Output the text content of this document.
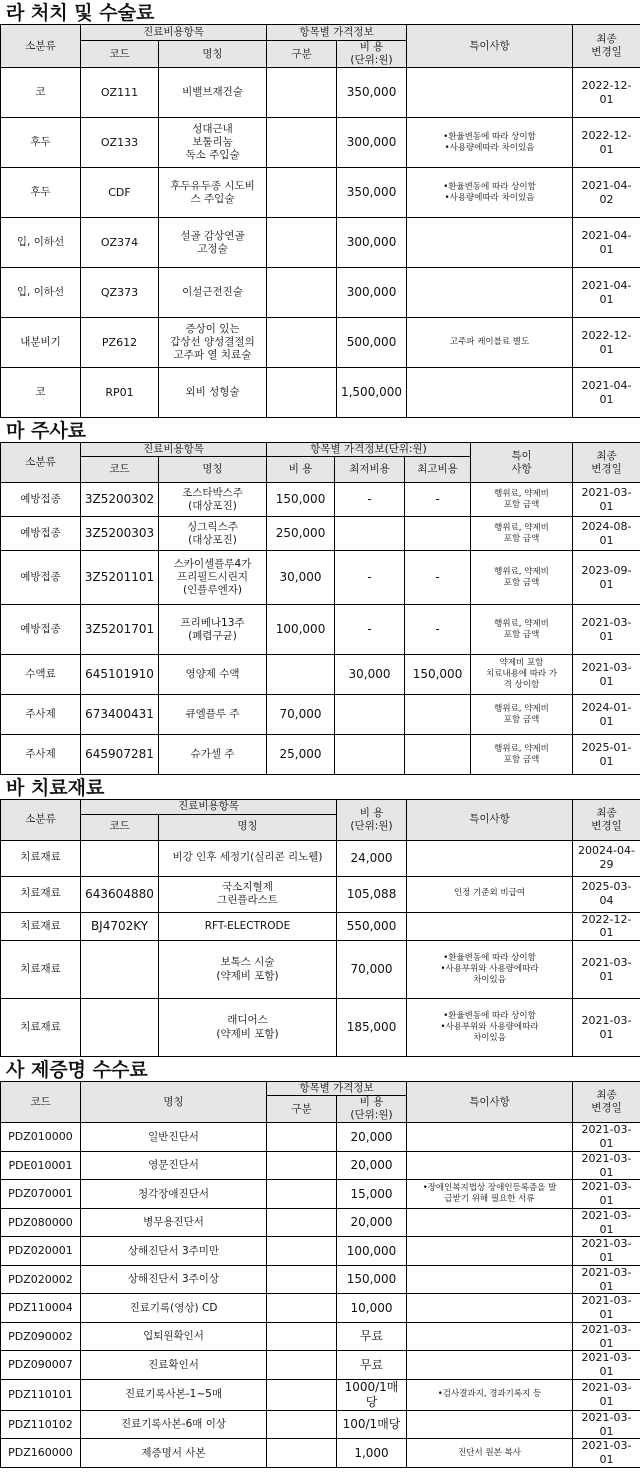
라 처치 및 수술료
소분류	진료비용항목		항목별 가격정보		특이사항	최종
변경일
	코드	명칭	구분	비 용
(단위:원)		
코	OZ111	비밸브재건술		350,000		2022-12-01
후두	OZ133	성대근내
보툴리눔
독소 주입술		300,000	•환율변동에 따라 상이함
•사용량에따라 차이있음	2022-12-01
후두	CDF	후두유두종 시도비
스 주입술		350,000	•환율변동에 따라 상이함
•사용량에따라 차이있음	2021-04-02
입, 이하선	OZ374	설골 감상연골
고정술		300,000		2021-04-01
입, 이하선	QZ373	이설근전진술		300,000		2021-04-01
내분비기	PZ612	증상이 있는
갑상선 양성결절의
고주파 열 치료술		500,000	고주파 케이블료 별도	2022-12-01
코	RP01	외비 성형술		1,500,000		2021-04-01
마 주사료
소분류	진료비용항목		항목별 가격정보(단위:원)			특이
사항	최종
변경일
	코드	명칭	비 용	최저비용	최고비용		
예방접종	3Z5200302	조스타박스주
(대상포진)	150,000	-	-	행위료, 약제비
포함 금액	2021-03-01
예방접종	3Z5200303	싱그릭스주
(대상포진)	250,000			행위료, 약제비
포함 금액	2024-08-01
예방접종	3Z5201101	스카이셀플루4가
프리필드시린지
(인플루엔자)	30,000	-	-	행위료, 약제비
포함 금액	2023-09-01
예방접종	3Z5201701	프리베나13주
(폐렴구균)	100,000	-	-	행위료, 약제비
포함 금액	2021-03-01
수액료	645101910	영양제 수액		30,000	150,000	약제비 포함
치료내용에 따라 가
격 상이함	2021-03-01
주사제	673400431	큐엘플루 주	70,000			행위료, 약제비
포함 금액	2024-01-01
주사제	645907281	슈가셀 주	25,000			행위료, 약제비
포함 금액	2025-01-01
바 치료재료
소분류	진료비용항목		비 용
(단위:원)	특이사항	최종
변경일
	코드	명칭			
치료재료		비강 인후 세정기(실리콘 리노웰)	24,000		20024-04-29
치료재료	643604880	국소지혈제
그린플라스트	105,088	인정 기준외 비급여	2025-03-04
치료재료	BJ4702KY	RFT-ELECTRODE	550,000		2022-12-01
치료재료		보톡스 시술
(약제비 포함)	70,000	•환율변동에 따라 상이함
•사용부위와 사용량에따라
차이있음	2021-03-01
치료재료		래디어스
(약제비 포함)	185,000	•환율변동에 따라 상이함
•사용부위와 사용량에따라
차이있음	2021-03-01
사 제증명 수수료
코드	명칭	항목별 가격정보		특이사항	최종
변경일
		구분	비 용
(단위:원)		
PDZ010000	일반진단서		20,000		2021-03-01
PDE010001	영문진단서		20,000		2021-03-01
PDZ070001	청각장애진단서		15,000	•장애인복지법상 장애인등록증을 발
급받기 위해 필요한 서류	2021-03-01
PDZ080000	병무용진단서		20,000		2021-03-01
PDZ020001	상해진단서 3주미만		100,000		2021-03-01
PDZ020002	상해진단서 3주이상		150,000		2021-03-01
PDZ110004	진료기록(영상) CD		10,000		2021-03-01
PDZ090002	입퇴원확인서		무료		2021-03-01
PDZ090007	진료확인서		무료		2021-03-01
PDZ110101	진료기록사본-1~5매		1000/1매당	•검사결과지, 경과기록지 등	2021-03-01
PDZ110102	진료기록사본-6매 이상		100/1매당		2021-03-01
PDZ160000	제증명서 사본		1,000	진단서 원본 복사	2021-03-01
